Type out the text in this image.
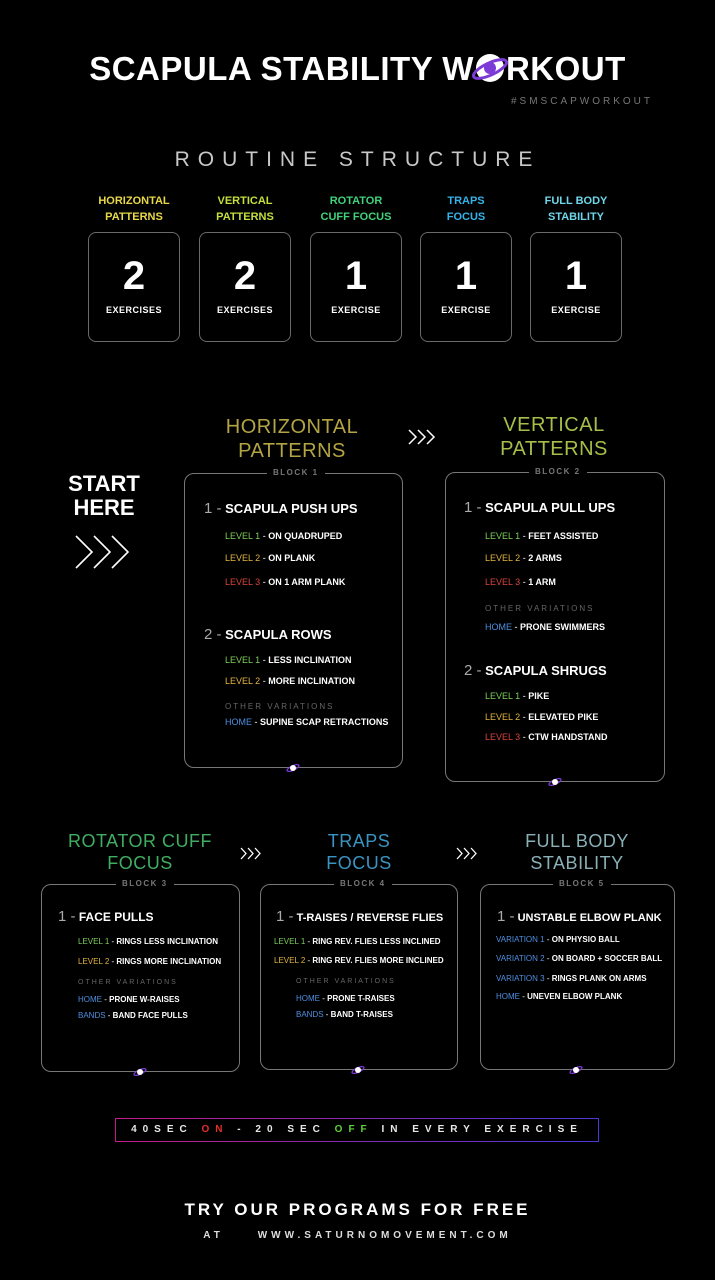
SCAPULA STABILITY W RKOUT
#SMSCAPWORKOUT
ROUTINE STRUCTURE
HORIZONTAL
PATTERNS
2
EXERCISES
VERTICAL
PATTERNS
2
EXERCISES
ROTATOR
CUFF FOCUS
1
EXERCISE
TRAPS
FOCUS
1
EXERCISE
FULL BODY
STABILITY
1
EXERCISE
START
HERE
HORIZONTAL
PATTERNS
VERTICAL
PATTERNS
ROTATOR CUFF
FOCUS
TRAPS
FOCUS
FULL BODY
STABILITY
BLOCK 1
1 - SCAPULA PUSH UPS
LEVEL 1 - ON QUADRUPED
LEVEL 2 - ON PLANK
LEVEL 3 - ON 1 ARM PLANK
2 - SCAPULA ROWS
LEVEL 1 - LESS INCLINATION
LEVEL 2 - MORE INCLINATION
OTHER VARIATIONS
HOME - SUPINE SCAP RETRACTIONS
BLOCK 2
1 - SCAPULA PULL UPS
LEVEL 1 - FEET ASSISTED
LEVEL 2 - 2 ARMS
LEVEL 3 - 1 ARM
OTHER VARIATIONS
HOME - PRONE SWIMMERS
2 - SCAPULA SHRUGS
LEVEL 1 - PIKE
LEVEL 2 - ELEVATED PIKE
LEVEL 3 - CTW HANDSTAND
BLOCK 3
1 - FACE PULLS
LEVEL 1 - RINGS LESS INCLINATION
LEVEL 2 - RINGS MORE INCLINATION
OTHER VARIATIONS
HOME - PRONE W-RAISES
BANDS - BAND FACE PULLS
BLOCK 4
1 - T-RAISES / REVERSE FLIES
LEVEL 1 - RING REV. FLIES LESS INCLINED
LEVEL 2 - RING REV. FLIES MORE INCLINED
OTHER VARIATIONS
HOME - PRONE T-RAISES
BANDS - BAND T-RAISES
BLOCK 5
1 - UNSTABLE ELBOW PLANK
VARIATION 1 - ON PHYSIO BALL
VARIATION 2 - ON BOARD + SOCCER BALL
VARIATION 3 - RINGS PLANK ON ARMS
HOME - UNEVEN ELBOW PLANK
40SEC ON - 20 SEC OFF IN EVERY EXERCISE
TRY OUR PROGRAMS FOR FREE
AT	WWW.SATURNOMOVEMENT.COM
